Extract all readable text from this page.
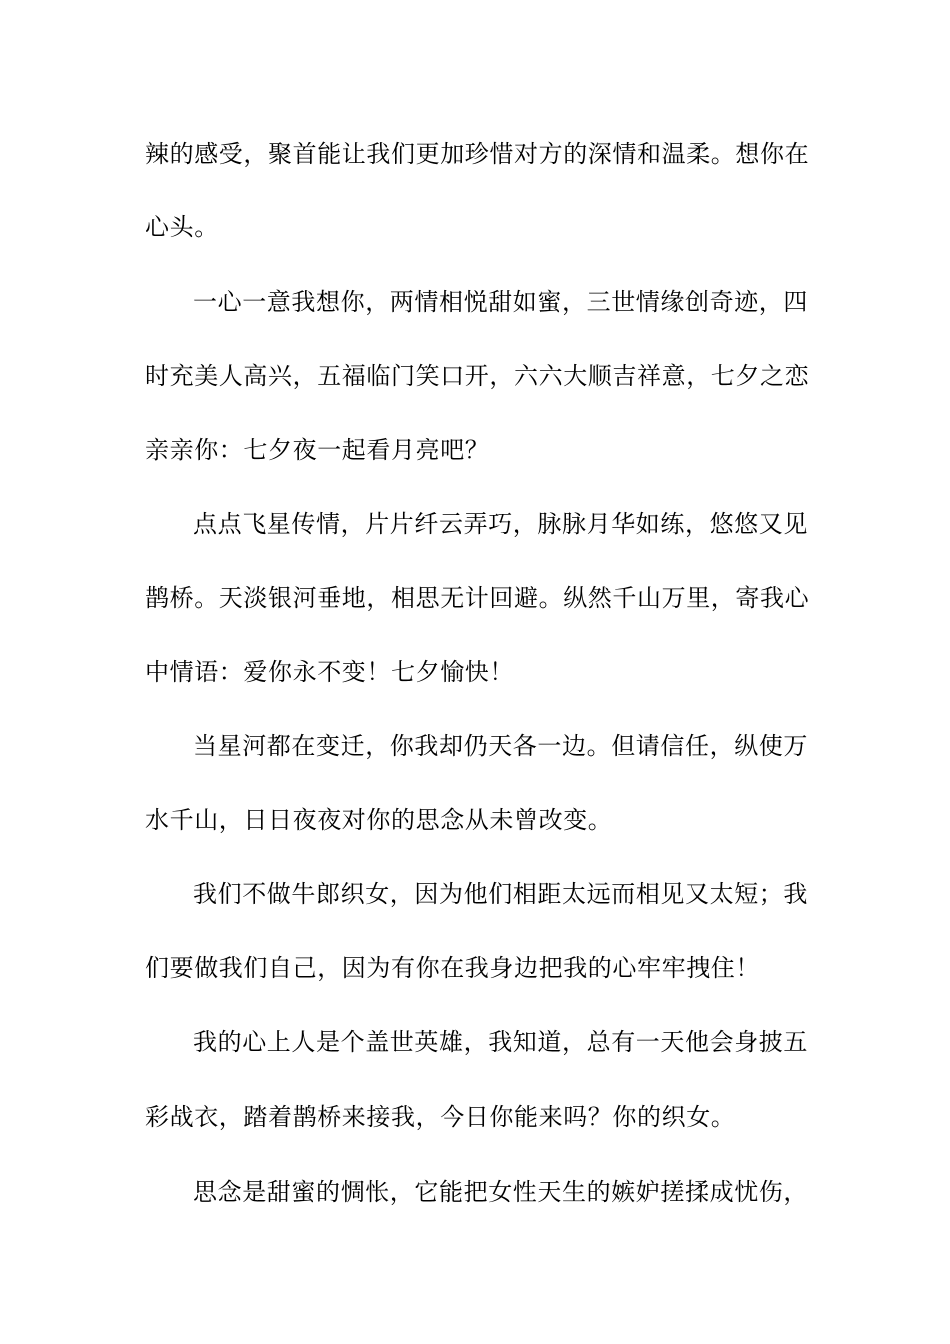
辣的感受，聚首能让我们更加珍惜对方的深情和温柔。想你在
心头。
一心一意我想你，两情相悦甜如蜜，三世情缘创奇迹，四
时充美人高兴，五福临门笑口开，六六大顺吉祥意，七夕之恋
亲亲你：七夕夜一起看月亮吧？
点点飞星传情，片片纤云弄巧，脉脉月华如练，悠悠又见
鹊桥。天淡银河垂地，相思无计回避。纵然千山万里，寄我心
中情语：爱你永不变！七夕愉快！
当星河都在变迁，你我却仍天各一边。但请信任，纵使万
水千山，日日夜夜对你的思念从未曾改变。
我们不做牛郎织女，因为他们相距太远而相见又太短；我
们要做我们自己，因为有你在我身边把我的心牢牢拽住！
我的心上人是个盖世英雄，我知道，总有一天他会身披五
彩战衣，踏着鹊桥来接我，今日你能来吗？你的织女。
思念是甜蜜的惆怅，它能把女性天生的嫉妒搓揉成忧伤，
